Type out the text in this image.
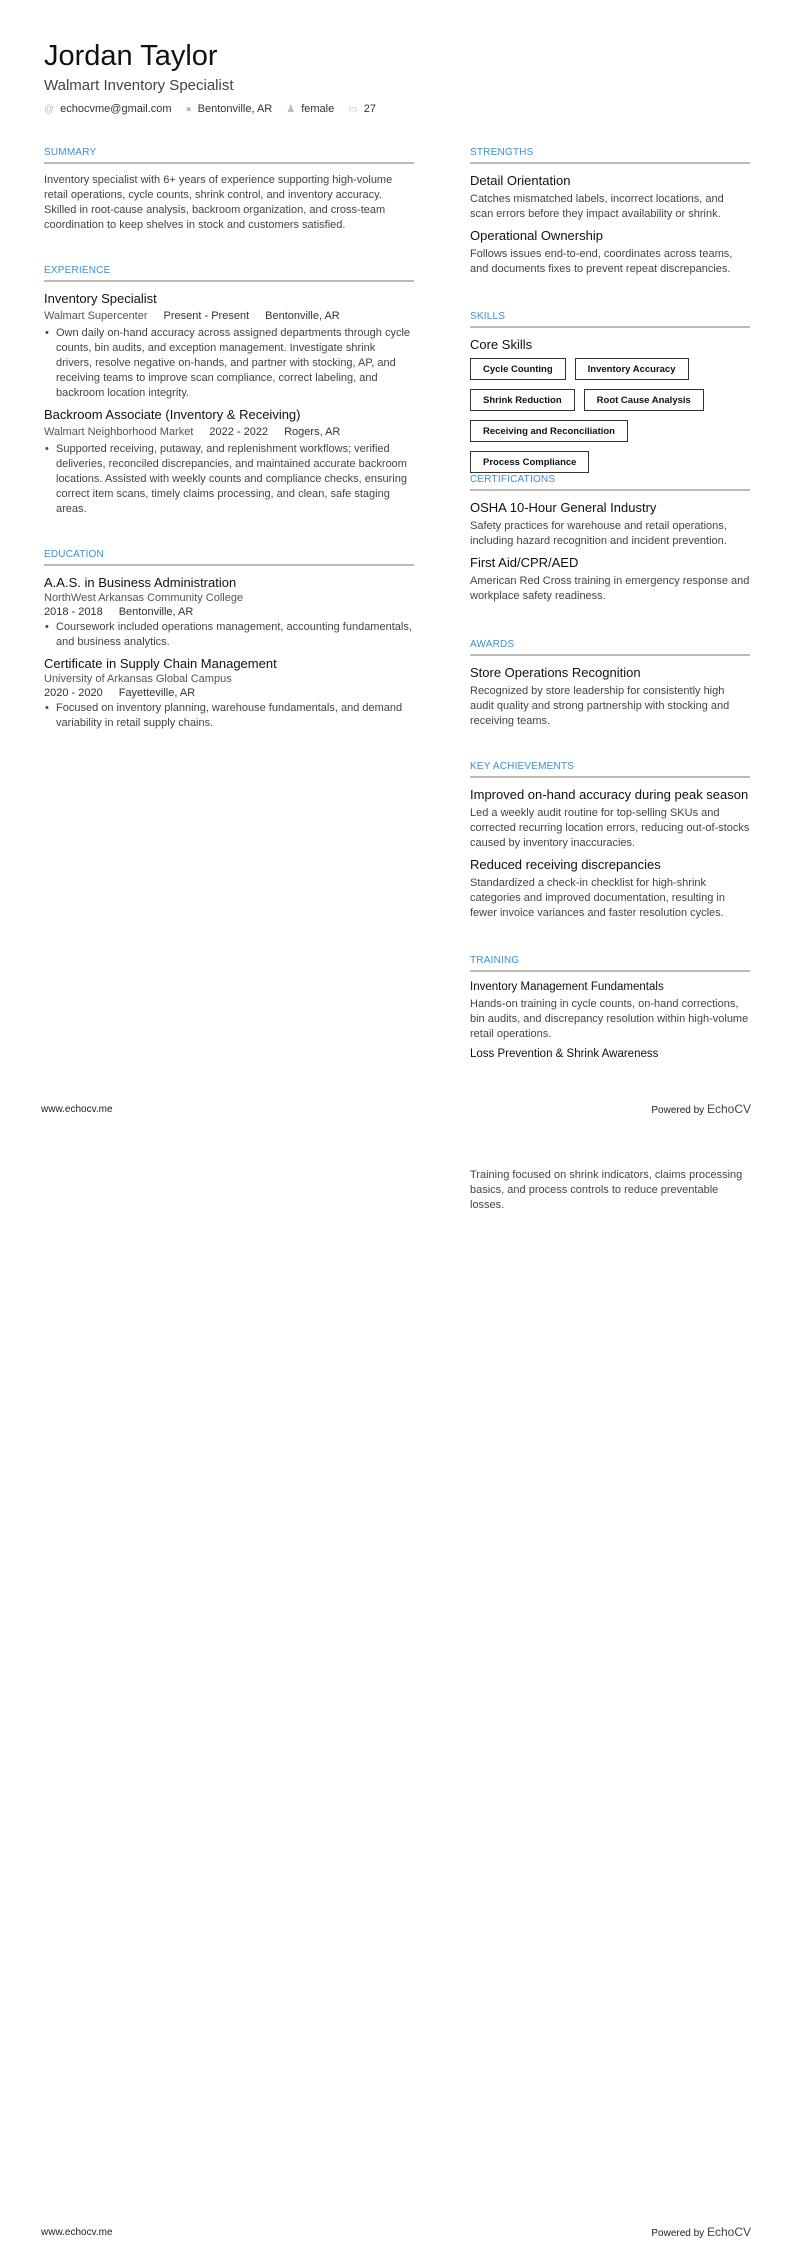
Jordan Taylor
Walmart Inventory Specialist
@ echocvme@gmail.com ● Bentonville, AR ♟ female ▭ 27
SUMMARY
Inventory specialist with 6+ years of experience supporting high-volume retail operations, cycle counts, shrink control, and inventory accuracy. Skilled in root-cause analysis, backroom organization, and cross-team coordination to keep shelves in stock and customers satisfied.
EXPERIENCE
Inventory Specialist
Walmart Supercenter Present - Present Bentonville, AR
• Own daily on-hand accuracy across assigned departments through cycle counts, bin audits, and exception management. Investigate shrink drivers, resolve negative on-hands, and partner with stocking, AP, and receiving teams to improve scan compliance, correct labeling, and backroom location integrity.
Backroom Associate (Inventory & Receiving)
Walmart Neighborhood Market 2022 - 2022 Rogers, AR
• Supported receiving, putaway, and replenishment workflows; verified deliveries, reconciled discrepancies, and maintained accurate backroom locations. Assisted with weekly counts and compliance checks, ensuring correct item scans, timely claims processing, and clean, safe staging areas.
EDUCATION
A.A.S. in Business Administration
NorthWest Arkansas Community College
2018 - 2018 Bentonville, AR
• Coursework included operations management, accounting fundamentals, and business analytics.
Certificate in Supply Chain Management
University of Arkansas Global Campus
2020 - 2020 Fayetteville, AR
• Focused on inventory planning, warehouse fundamentals, and demand variability in retail supply chains.
STRENGTHS
Detail Orientation
Catches mismatched labels, incorrect locations, and scan errors before they impact availability or shrink.
Operational Ownership
Follows issues end-to-end, coordinates across teams, and documents fixes to prevent repeat discrepancies.
SKILLS
Core Skills
Cycle Counting	Inventory Accuracy
Shrink Reduction	Root Cause Analysis
Receiving and Reconciliation
Process Compliance
CERTIFICATIONS
OSHA 10-Hour General Industry
Safety practices for warehouse and retail operations, including hazard recognition and incident prevention.
First Aid/CPR/AED
American Red Cross training in emergency response and workplace safety readiness.
AWARDS
Store Operations Recognition
Recognized by store leadership for consistently high audit quality and strong partnership with stocking and receiving teams.
KEY ACHIEVEMENTS
Improved on-hand accuracy during peak season
Led a weekly audit routine for top-selling SKUs and corrected recurring location errors, reducing out-of-stocks caused by inventory inaccuracies.
Reduced receiving discrepancies
Standardized a check-in checklist for high-shrink categories and improved documentation, resulting in fewer invoice variances and faster resolution cycles.
TRAINING
Inventory Management Fundamentals
Hands-on training in cycle counts, on-hand corrections, bin audits, and discrepancy resolution within high-volume retail operations.
Loss Prevention & Shrink Awareness
www.echocv.me	Powered by EchoCV
Training focused on shrink indicators, claims processing basics, and process controls to reduce preventable losses.
www.echocv.me	Powered by EchoCV
